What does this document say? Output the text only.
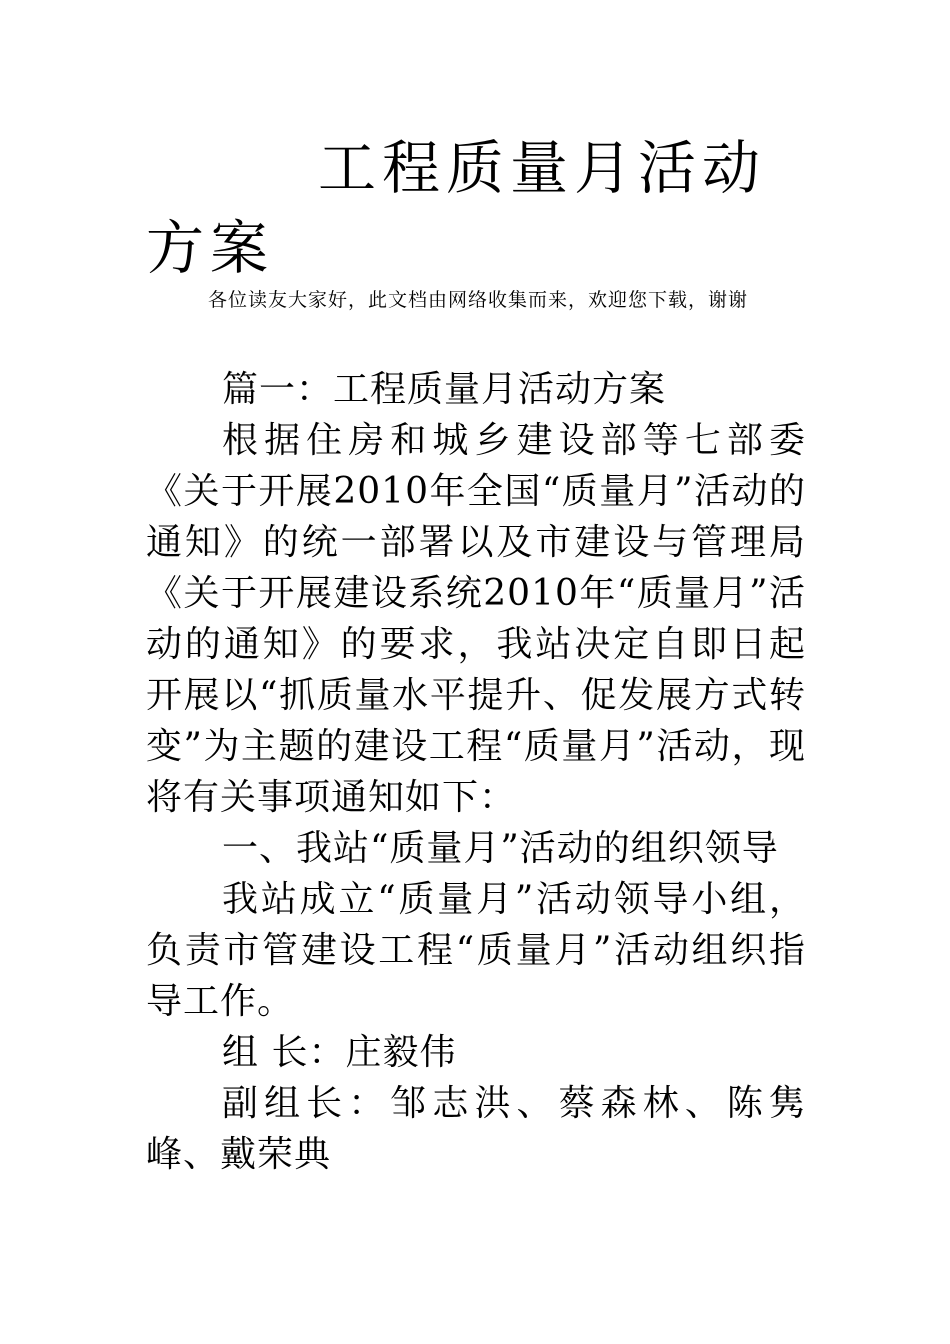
工程质量月活动方案

各位读友大家好，此文档由网络收集而来，欢迎您下载，谢谢

篇一：工程质量月活动方案

根据住房和城乡建设部等七部委《关于开展2010年全国“质量月”活动的通知》的统一部署以及市建设与管理局《关于开展建设系统2010年“质量月”活动的通知》的要求，我站决定自即日起开展以“抓质量水平提升、促发展方式转变”为主题的建设工程“质量月”活动，现将有关事项通知如下：

一、我站“质量月”活动的组织领导

我站成立“质量月”活动领导小组，负责市管建设工程“质量月”活动组织指导工作。

组 长：庄毅伟

副组长：邹志洪、蔡森林、陈隽峰、戴荣典
